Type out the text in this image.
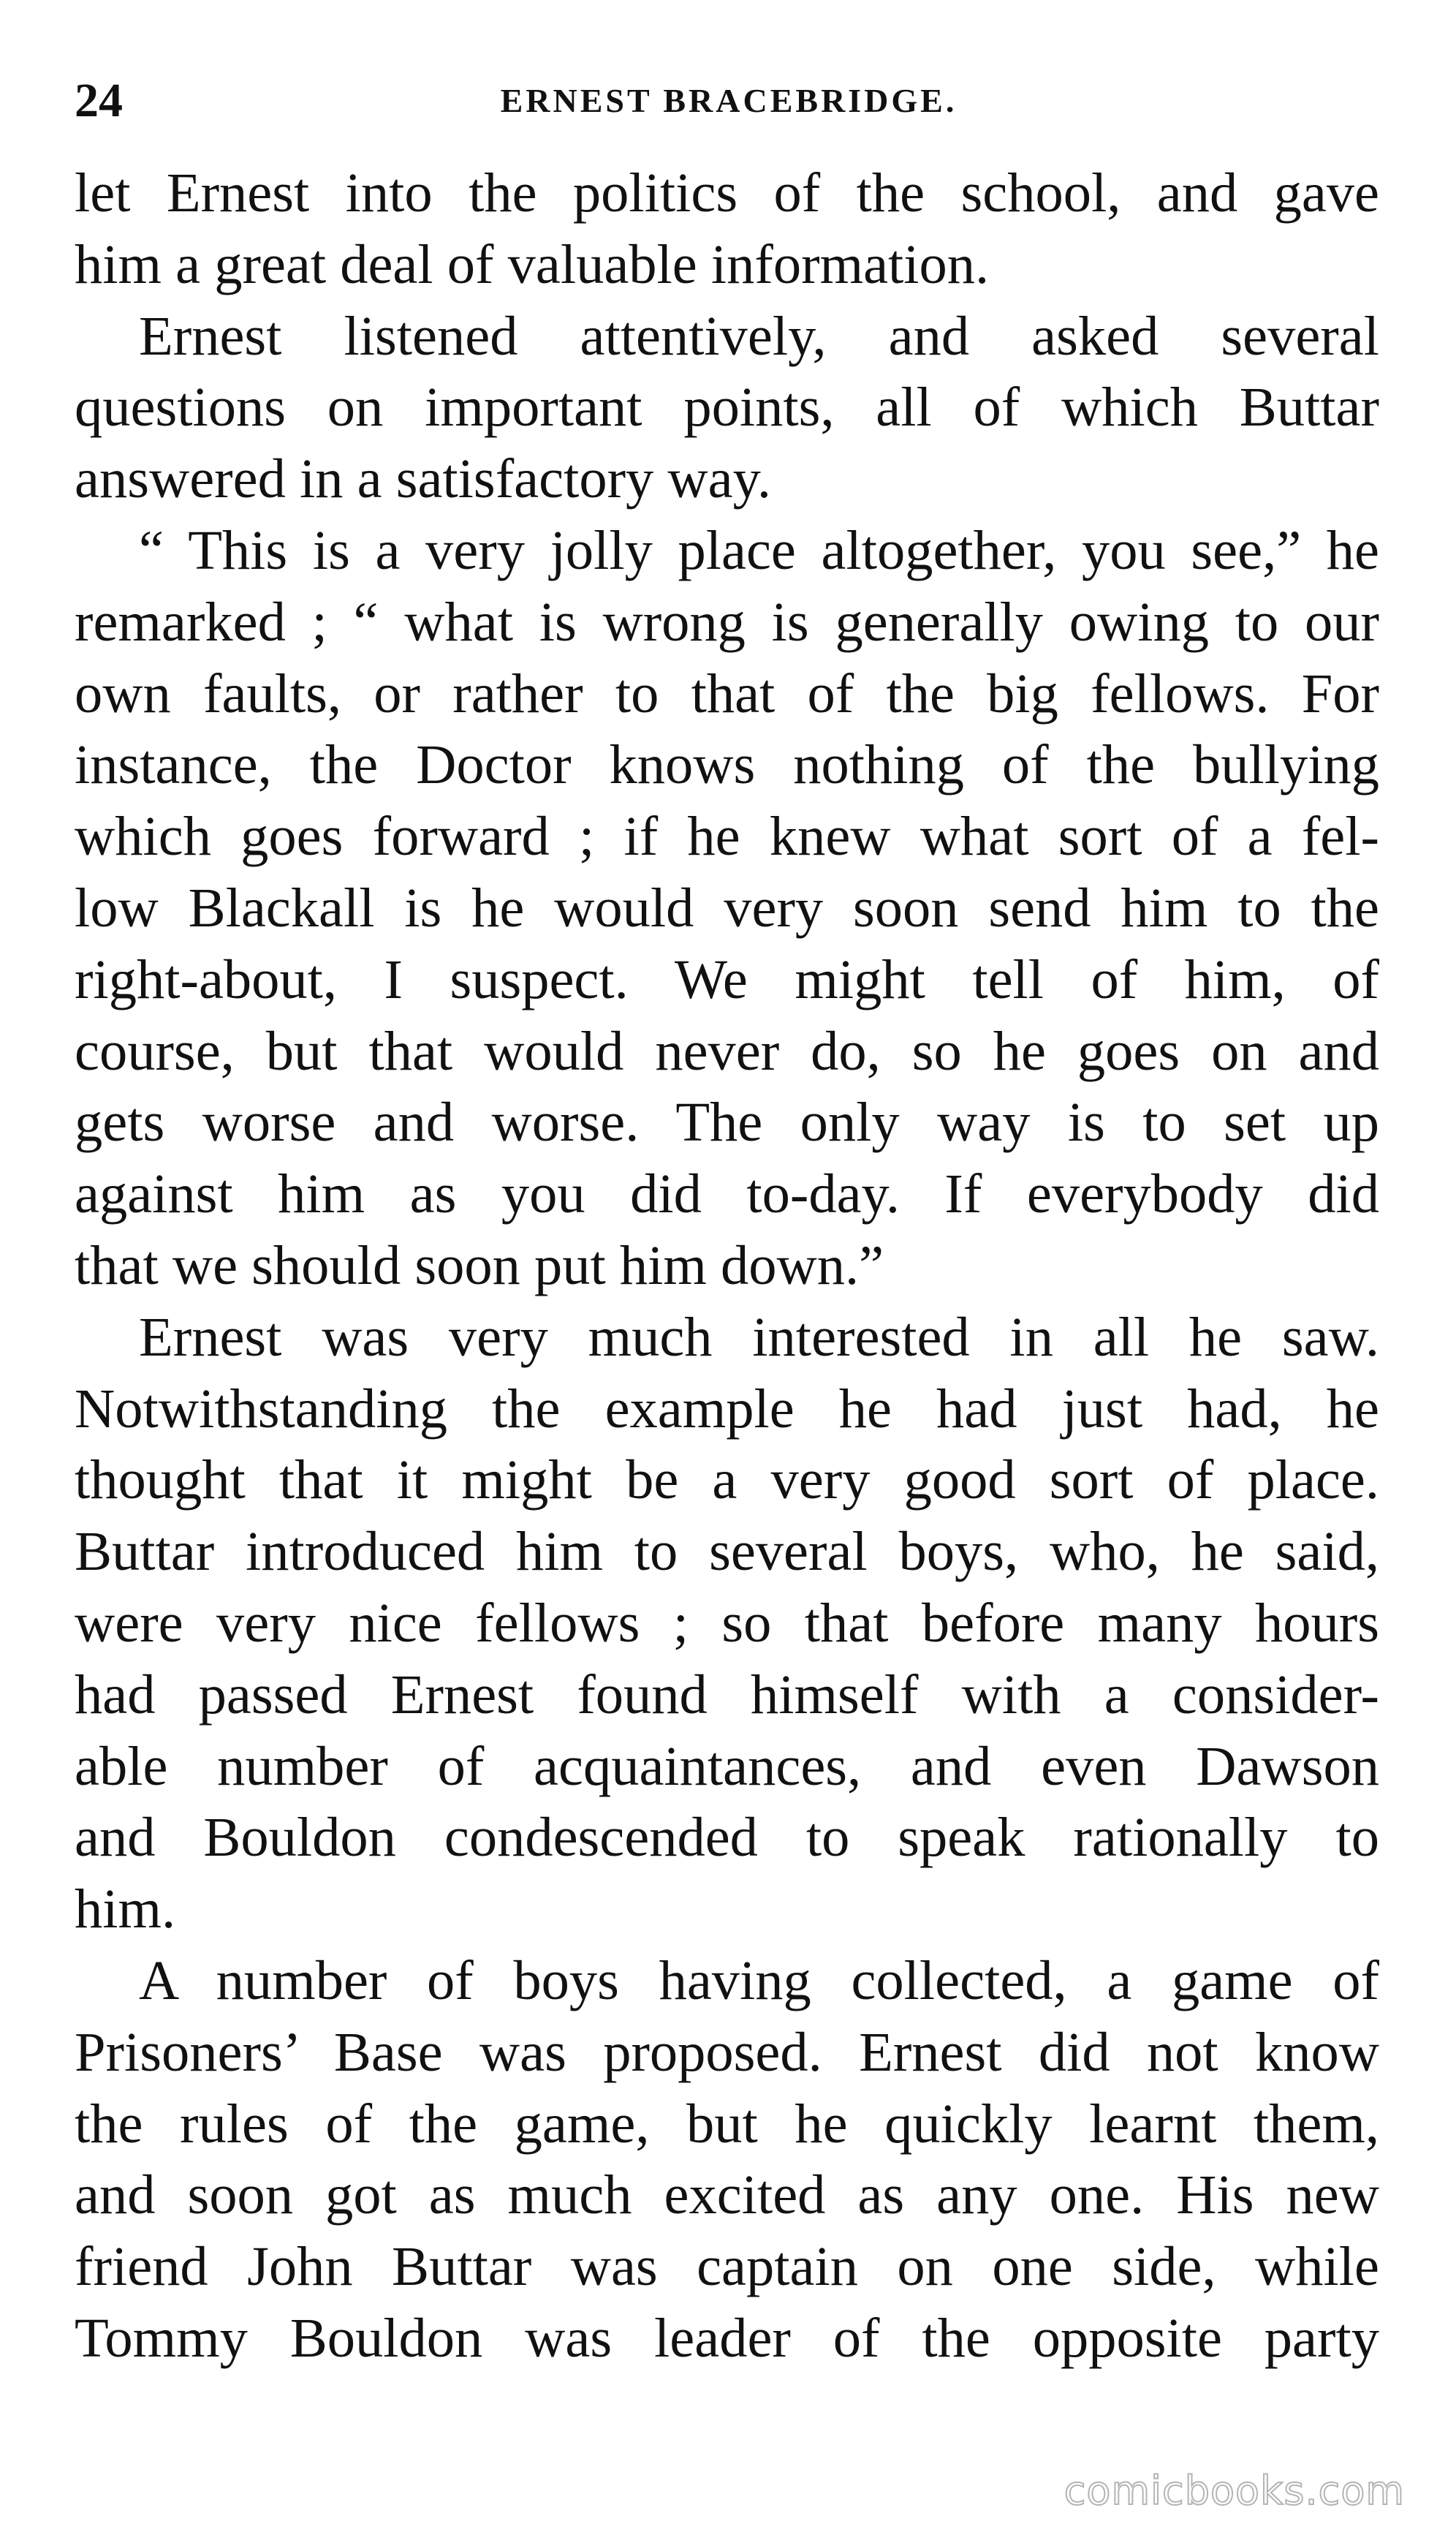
24	ERNEST BRACEBRIDGE.
let Ernest into the politics of the school, and gave
him a great deal of valuable information.
Ernest listened attentively, and asked several
questions on important points, all of which Buttar
answered in a satisfactory way.
“ This is a very jolly place altogether, you see,” he
remarked ; “ what is wrong is generally owing to our
own faults, or rather to that of the big fellows. For
instance, the Doctor knows nothing of the bullying
which goes forward ; if he knew what sort of a fel-
low Blackall is he would very soon send him to the
right-about, I suspect. We might tell of him, of
course, but that would never do, so he goes on and
gets worse and worse. The only way is to set up
against him as you did to-day. If everybody did
that we should soon put him down.”
Ernest was very much interested in all he saw.
Notwithstanding the example he had just had, he
thought that it might be a very good sort of place.
Buttar introduced him to several boys, who, he said,
were very nice fellows ; so that before many hours
had passed Ernest found himself with a consider-
able number of acquaintances, and even Dawson
and Bouldon condescended to speak rationally to
him.
A number of boys having collected, a game of
Prisoners’ Base was proposed. Ernest did not know
the rules of the game, but he quickly learnt them,
and soon got as much excited as any one. His new
friend John Buttar was captain on one side, while
Tommy Bouldon was leader of the opposite party
comicbooks.com
